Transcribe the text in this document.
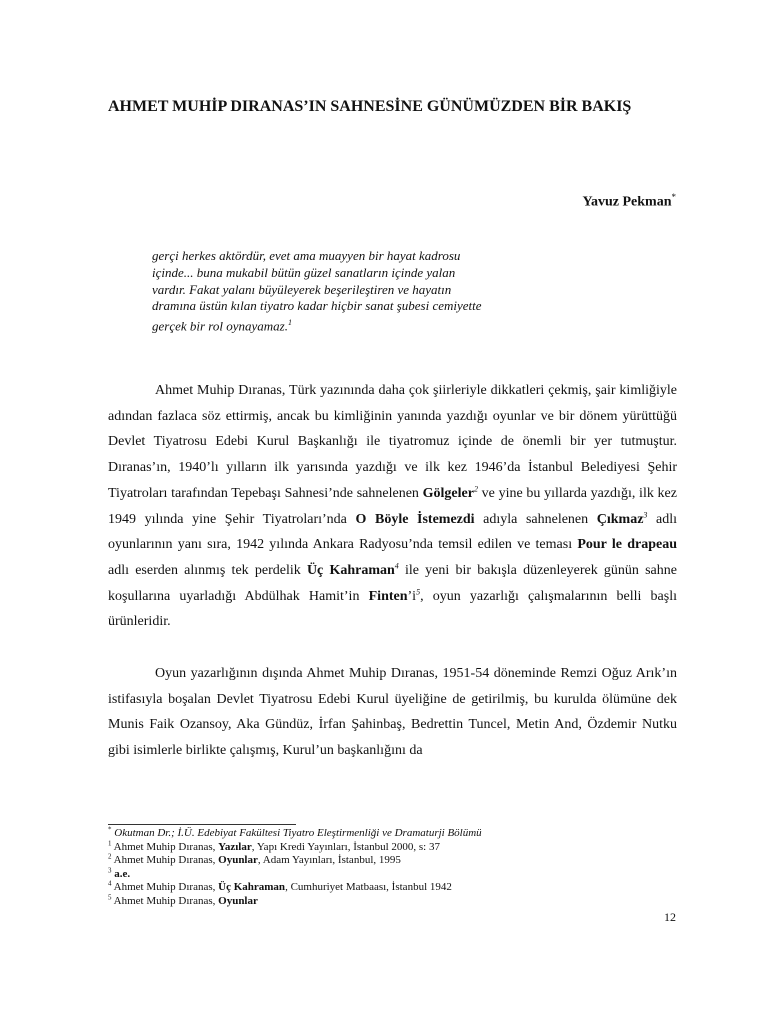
AHMET MUHİP DIRANAS’IN SAHNESİNE GÜNÜMÜZDEN BİR BAKIŞ
Yavuz Pekman*
gerçi herkes aktördür, evet ama muayyen bir hayat kadrosu içinde... buna mukabil bütün güzel sanatların içinde yalan vardır. Fakat yalanı büyüleyerek beşerileştiren ve hayatın dramına üstün kılan tiyatro kadar hiçbir sanat şubesi cemiyette gerçek bir rol oynayamaz.$^1$

Ahmet Muhip Dıranas, Türk yazınında daha çok şiirleriyle dikkatleri çekmiş, şair kimliğiyle adından fazlaca söz ettirmiş, ancak bu kimliğinin yanında yazdığı oyunlar ve bir dönem yürüttüğü Devlet Tiyatrosu Edebi Kurul Başkanlığı ile tiyatromuz içinde de önemli bir yer tutmuştur. Dıranas’ın, 1940’lı yılların ilk yarısında yazdığı ve ilk kez 1946’da İstanbul Belediyesi Şehir Tiyatroları tarafından Tepebaşı Sahnesi’nde sahnelenen Gölgeler$^2$ ve yine bu yıllarda yazdığı, ilk kez 1949 yılında yine Şehir Tiyatroları’nda O Böyle İstemezdi adıyla sahnelenen Çıkmaz$^3$ adlı oyunlarının yanı sıra, 1942 yılında Ankara Radyosu’nda temsil edilen ve teması Pour le drapeau adlı eserden alınmış tek perdelik Üç Kahraman$^4$ ile yeni bir bakışla düzenleyerek günün sahne koşullarına uyarladığı Abdülhak Hamit’in $Finten’i^5$, oyun yazarlığı çalışmalarının belli başlı ürünleridir.

Oyun yazarlığının dışında Ahmet Muhip Dıranas, 1951-54 döneminde Remzi Oğuz Arık’ın istifasıyla boşalan Devlet Tiyatrosu Edebi Kurul üyeliğine de getirilmiş, bu kurulda ölümüne dek Munis Faik Ozansoy, Aka Gündüz, İrfan Şahinbaş, Bedrettin Tuncel, Metin And, Özdemir Nutku gibi isimlerle birlikte çalışmış, Kurul’un başkanlığını da

* Okutman Dr.; İ.Ü. Edebiyat Fakültesi Tiyatro Eleştirmenliği ve Dramaturji Bölümü
$^1$ Ahmet Muhip Dıranas, Yazılar, Yapı Kredi Yayınları, İstanbul 2000, s: 37
$^2$ Ahmet Muhip Dıranas, Oyunlar, Adam Yayınları, İstanbul, 1995
$^3$ a.e.
$^4$ Ahmet Muhip Dıranas, Üç Kahraman, Cumhuriyet Matbaası, İstanbul 1942
$^5$ Ahmet Muhip Dıranas, Oyunlar
12
